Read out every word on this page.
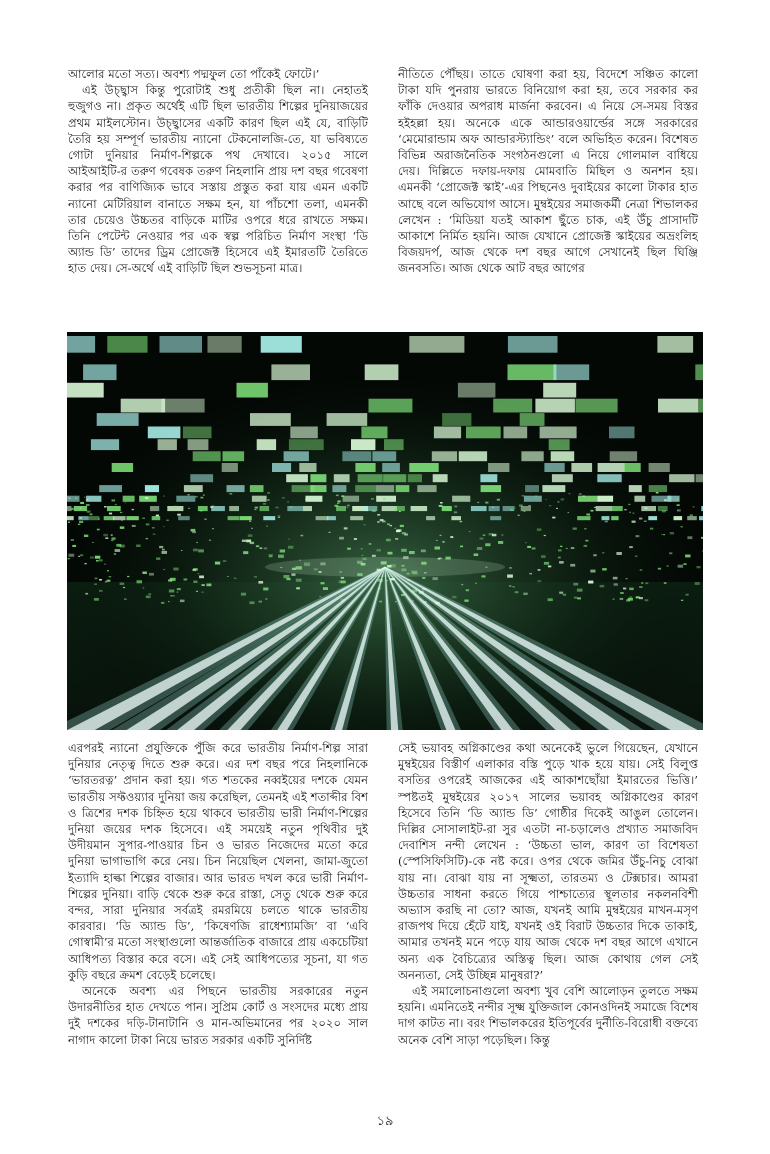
আলোর মতো সত্য। অবশ্য পদ্মফুল তো পাঁকেই ফোটে।’

এই উচ্ছ্বাস কিন্তু পুরোটাই শুধু প্রতীকী ছিল না। নেহাতই হুজুগও না। প্রকৃত অর্থেই এটি ছিল ভারতীয় শিল্পের দুনিয়াজয়ের প্রথম মাইলস্টোন। উচ্ছ্বাসের একটি কারণ ছিল এই যে, বাড়িটি তৈরি হয় সম্পূর্ণ ভারতীয় ন্যানো টেকনোলজি-তে, যা ভবিষ্যতে গোটা দুনিয়ার নির্মাণ-শিল্পকে পথ দেখাবে। ২০১৫ সালে আইআইটি-র তরুণ গবেষক তরুণ নিহলানি প্রায় দশ বছর গবেষণা করার পর বাণিজ্যিক ভাবে সস্তায় প্রস্তুত করা যায় এমন একটি ন্যানো মেটিরিয়াল বানাতে সক্ষম হন, যা পাঁচশো তলা, এমনকী তার চেয়েও উচ্চতর বাড়িকে মাটির ওপরে ধরে রাখতে সক্ষম। তিনি পেটেন্ট নেওয়ার পর এক স্বল্প পরিচিত নির্মাণ সংস্থা ‘ডি অ্যান্ড ডি’ তাদের ড্রিম প্রোজেক্ট হিসেবে এই ইমারতটি তৈরিতে হাত দেয়। সে-অর্থে এই বাড়িটি ছিল শুভসূচনা মাত্র।

নীতিতে পৌঁছয়। তাতে ঘোষণা করা হয়, বিদেশে সঞ্চিত কালো টাকা যদি পুনরায় ভারতে বিনিয়োগ করা হয়, তবে সরকার কর ফাঁকি দেওয়ার অপরাধ মার্জনা করবেন। এ নিয়ে সে-সময় বিস্তর হইহল্লা হয়। অনেকে একে আন্ডারওয়ার্ল্ডের সঙ্গে সরকারের ‘মেমোরান্ডাম অফ আন্ডারস্ট্যান্ডিং’ বলে অভিহিত করেন। বিশেষত বিভিন্ন অরাজনৈতিক সংগঠনগুলো এ নিয়ে গোলমাল বাধিয়ে দেয়। দিল্লিতে দফায়-দফায় মোমবাতি মিছিল ও অনশন হয়। এমনকী ‘প্রোজেক্ট স্কাই’-এর পিছনেও দুবাইয়ের কালো টাকার হাত আছে বলে অভিযোগ আসে। মুম্বইয়ের সমাজকর্মী নেত্রা শিভালকর লেখেন : ‘মিডিয়া যতই আকাশ ছুঁতে চাক, এই উঁচু প্রাসাদটি আকাশে নির্মিত হয়নি। আজ যেখানে প্রোজেক্ট স্কাইয়ের অভ্রংলিহ বিজয়দর্প, আজ থেকে দশ বছর আগে সেখানেই ছিল ঘিঞ্জি জনবসতি। আজ থেকে আট বছর আগের

এরপরই ন্যানো প্রযুক্তিকে পুঁজি করে ভারতীয় নির্মাণ-শিল্প সারা দুনিয়ার নেতৃত্ব দিতে শুরু করে। এর দশ বছর পরে নিহলানিকে ‘ভারতরত্ন’ প্রদান করা হয়। গত শতকের নব্বইয়ের দশকে যেমন ভারতীয় সফ্টওয়্যার দুনিয়া জয় করেছিল, তেমনই এই শতাব্দীর বিশ ও ত্রিশের দশক চিহ্নিত হয়ে থাকবে ভারতীয় ভারী নির্মাণ-শিল্পের দুনিয়া জয়ের দশক হিসেবে। এই সময়েই নতুন পৃথিবীর দুই উদীয়মান সুপার-পাওয়ার চিন ও ভারত নিজেদের মতো করে দুনিয়া ভাগাভাগি করে নেয়। চিন নিয়েছিল খেলনা, জামা-জুতো ইত্যাদি হাল্কা শিল্পের বাজার। আর ভারত দখল করে ভারী নির্মাণ-শিল্পের দুনিয়া। বাড়ি থেকে শুরু করে রাস্তা, সেতু থেকে শুরু করে বন্দর, সারা দুনিয়ার সর্বত্রই রমরমিয়ে চলতে থাকে ভারতীয় কারবার। ‘ডি অ্যান্ড ডি’, ‘কিষেণজি রাধেশ্যামজি’ বা ‘এবি গোস্বামী’র মতো সংস্থাগুলো আন্তর্জাতিক বাজারে প্রায় একচেটিয়া আধিপত্য বিস্তার করে বসে। এই সেই আধিপত্যের সূচনা, যা গত কুড়ি বছরে ক্রমশ বেড়েই চলেছে।

অনেকে অবশ্য এর পিছনে ভারতীয় সরকারের নতুন উদারনীতির হাত দেখতে পান। সুপ্রিম কোর্ট ও সংসদের মধ্যে প্রায় দুই দশকের দড়ি-টানাটানি ও মান-অভিমানের পর ২০২০ সাল নাগাদ কালো টাকা নিয়ে ভারত সরকার একটি সুনির্দিষ্ট

সেই ভয়াবহ অগ্নিকাণ্ডের কথা অনেকেই ভুলে গিয়েছেন, যেখানে মুম্বইয়ের বিস্তীর্ণ এলাকার বস্তি পুড়ে খাক হয়ে যায়। সেই বিলুপ্ত বসতির ওপরেই আজকের এই আকাশছোঁয়া ইমারতের ভিত্তি।’ স্পষ্টতই মুম্বইয়ের ২০১৭ সালের ভয়াবহ অগ্নিকাণ্ডের কারণ হিসেবে তিনি ‘ডি অ্যান্ড ডি’ গোষ্ঠীর দিকেই আঙুল তোলেন। দিল্লির সোসালাইট-রা সুর এতটা না-চড়ালেও প্রখ্যাত সমাজবিদ দেবাশিস নন্দী লেখেন : ‘উচ্চতা ভাল, কারণ তা বিশেষতা (স্পেসিফিসিটি)-কে নষ্ট করে। ওপর থেকে জমির উঁচু-নিচু বোঝা যায় না। বোঝা যায় না সূক্ষ্মতা, তারতম্য ও টেক্সচার। আমরা উচ্চতার সাধনা করতে গিয়ে পাশ্চাত্যের স্থূলতার নকলনবিশী অভ্যাস করছি না তো? আজ, যখনই আমি মুম্বইয়ের মাখন-মসৃণ রাজপথ দিয়ে হেঁটে যাই, যখনই ওই বিরাট উচ্চতার দিকে তাকাই, আমার তখনই মনে পড়ে যায় আজ থেকে দশ বছর আগে এখানে অন্য এক বৈচিত্র্যের অস্তিত্ব ছিল। আজ কোথায় গেল সেই অনন্যতা, সেই উচ্ছিন্ন মানুষরা?’

এই সমালোচনাগুলো অবশ্য খুব বেশি আলোড়ন তুলতে সক্ষম হয়নি। এমনিতেই নন্দীর সূক্ষ্ম যুক্তিজাল কোনওদিনই সমাজে বিশেষ দাগ কাটত না। বরং শিভালকরের ইতিপূর্বের দুর্নীতি-বিরোধী বক্তব্যে অনেক বেশি সাড়া পড়েছিল। কিন্তু

১৯
